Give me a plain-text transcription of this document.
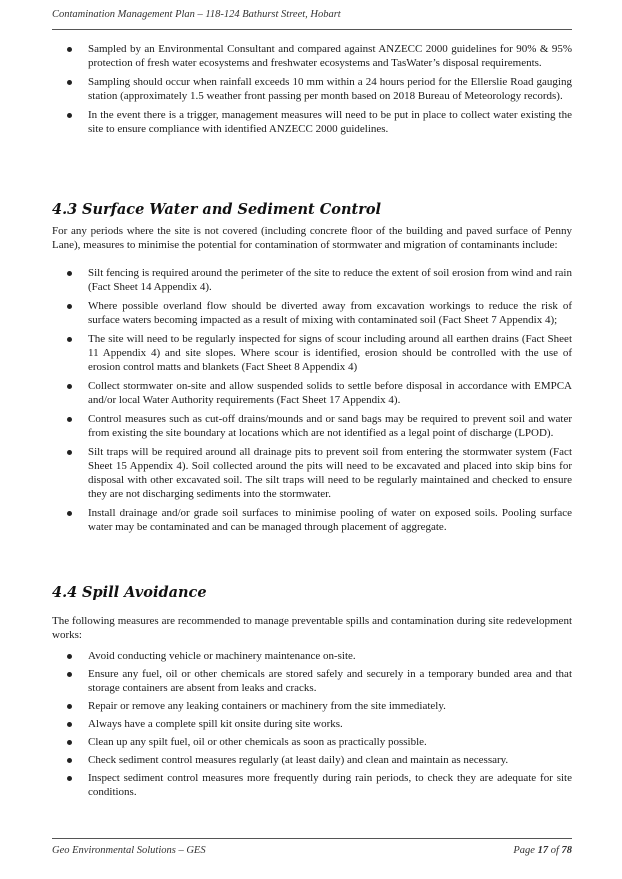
Contamination Management Plan – 118-124 Bathurst Street, Hobart
Sampled by an Environmental Consultant and compared against ANZECC 2000 guidelines for 90% & 95% protection of fresh water ecosystems and freshwater ecosystems and TasWater’s disposal requirements.
Sampling should occur when rainfall exceeds 10 mm within a 24 hours period for the Ellerslie Road gauging station (approximately 1.5 weather front passing per month based on 2018 Bureau of Meteorology records).
In the event there is a trigger, management measures will need to be put in place to collect water existing the site to ensure compliance with identified ANZECC 2000 guidelines.
4.3 Surface Water and Sediment Control

For any periods where the site is not covered (including concrete floor of the building and paved surface of Penny Lane), measures to minimise the potential for contamination of stormwater and migration of contaminants include:

Silt fencing is required around the perimeter of the site to reduce the extent of soil erosion from wind and rain (Fact Sheet 14 Appendix 4).
Where possible overland flow should be diverted away from excavation workings to reduce the risk of surface waters becoming impacted as a result of mixing with contaminated soil (Fact Sheet 7 Appendix 4);
The site will need to be regularly inspected for signs of scour including around all earthen drains (Fact Sheet 11 Appendix 4) and site slopes. Where scour is identified, erosion should be controlled with the use of erosion control matts and blankets (Fact Sheet 8 Appendix 4)
Collect stormwater on-site and allow suspended solids to settle before disposal in accordance with EMPCA and/or local Water Authority requirements (Fact Sheet 17 Appendix 4).
Control measures such as cut-off drains/mounds and or sand bags may be required to prevent soil and water from existing the site boundary at locations which are not identified as a legal point of discharge (LPOD).
Silt traps will be required around all drainage pits to prevent soil from entering the stormwater system (Fact Sheet 15 Appendix 4). Soil collected around the pits will need to be excavated and placed into skip bins for disposal with other excavated soil. The silt traps will need to be regularly maintained and checked to ensure they are not discharging sediments into the stormwater.
Install drainage and/or grade soil surfaces to minimise pooling of water on exposed soils. Pooling surface water may be contaminated and can be managed through placement of aggregate.
4.4 Spill Avoidance

The following measures are recommended to manage preventable spills and contamination during site redevelopment works:

Avoid conducting vehicle or machinery maintenance on-site.
Ensure any fuel, oil or other chemicals are stored safely and securely in a temporary bunded area and that storage containers are absent from leaks and cracks.
Repair or remove any leaking containers or machinery from the site immediately.
Always have a complete spill kit onsite during site works.
Clean up any spilt fuel, oil or other chemicals as soon as practically possible.
Check sediment control measures regularly (at least daily) and clean and maintain as necessary.
Inspect sediment control measures more frequently during rain periods, to check they are adequate for site conditions.
Geo Environmental Solutions – GES	Page 17 of 78
